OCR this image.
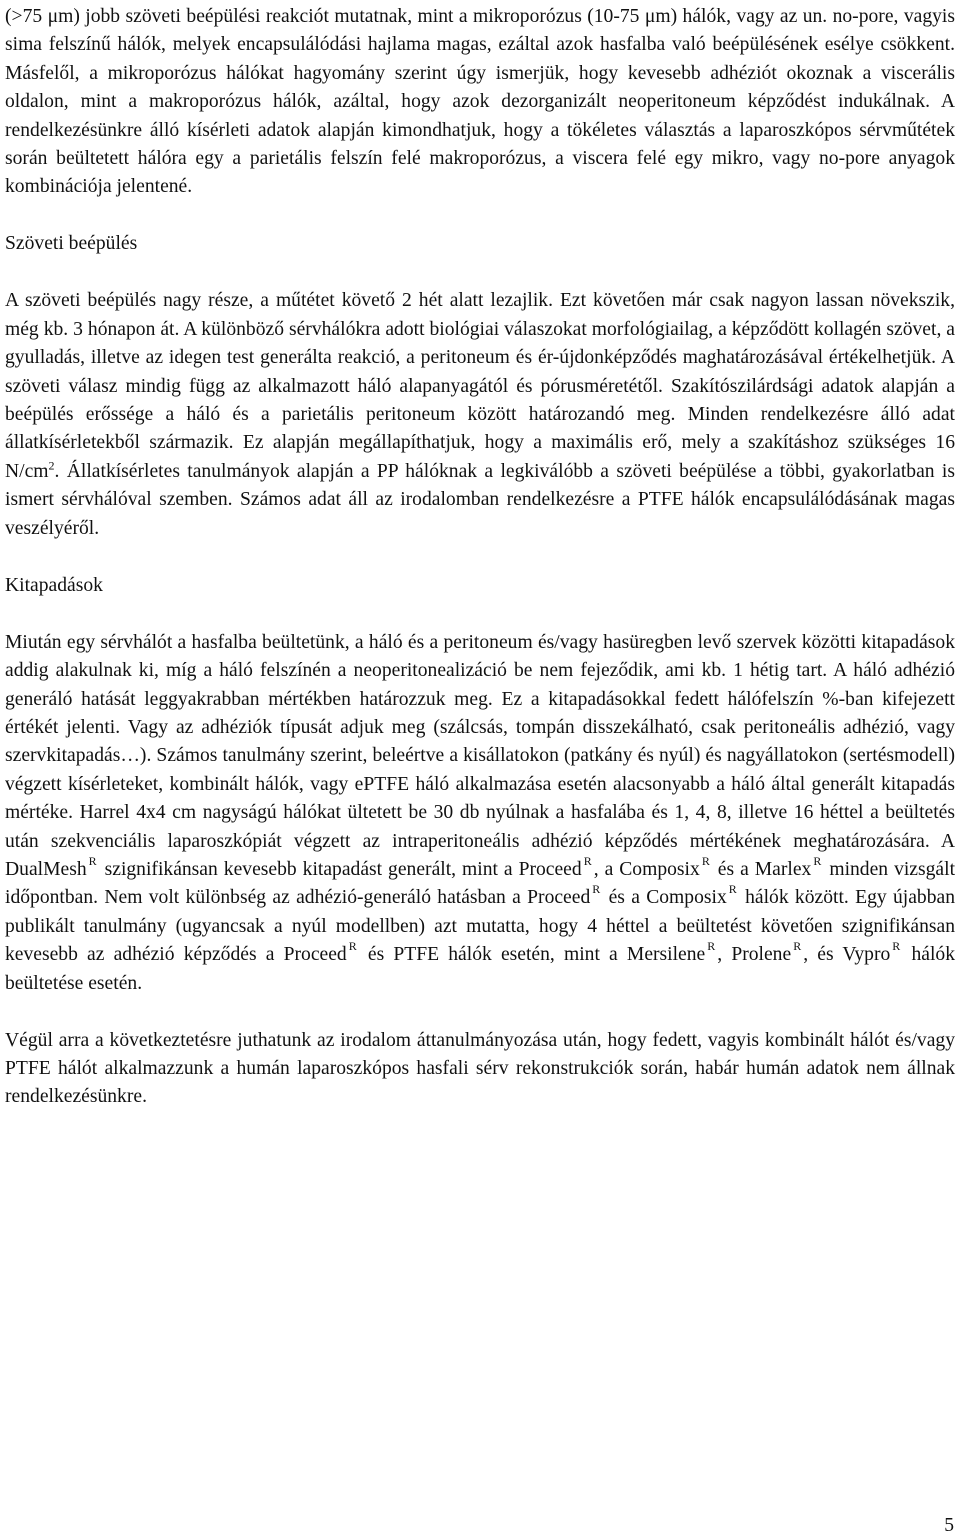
(>75 μm) jobb szöveti beépülési reakciót mutatnak, mint a mikroporózus (10-75 μm) hálók, vagy az un. no-pore, vagyis sima felszínű hálók, melyek encapsulálódási hajlama magas, ezáltal azok hasfalba való beépülésének esélye csökkent. Másfelől, a mikroporózus hálókat hagyomány szerint úgy ismerjük, hogy kevesebb adhéziót okoznak a viscerális oldalon, mint a makroporózus hálók, azáltal, hogy azok dezorganizált neoperitoneum képződést indukálnak. A rendelkezésünkre álló kísérleti adatok alapján kimondhatjuk, hogy a tökéletes választás a laparoszkópos sérvműtétek során beültetett hálóra egy a parietális felszín felé makroporózus, a viscera felé egy mikro, vagy no-pore anyagok kombinációja jelentené.

Szöveti beépülés

A szöveti beépülés nagy része, a műtétet követő 2 hét alatt lezajlik. Ezt követően már csak nagyon lassan növekszik, még kb. 3 hónapon át. A különböző sérvhálókra adott biológiai válaszokat morfológiailag, a képződött kollagén szövet, a gyulladás, illetve az idegen test generálta reakció, a peritoneum és ér-újdonképződés maghatározásával értékelhetjük. A szöveti válasz mindig függ az alkalmazott háló alapanyagától és pórusméretétől. Szakítószilárdsági adatok alapján a beépülés erőssége a háló és a parietális peritoneum között határozandó meg. Minden rendelkezésre álló adat állatkísérletekből származik. Ez alapján megállapíthatjuk, hogy a maximális erő, mely a szakításhoz szükséges 16 $N/cm^2$. Állatkísérletes tanulmányok alapján a PP hálóknak a legkiválóbb a szöveti beépülése a többi, gyakorlatban is ismert sérvhálóval szemben. Számos adat áll az irodalomban rendelkezésre a PTFE hálók encapsulálódásának magas veszélyéről.

Kitapadások

Miután egy sérvhálót a hasfalba beültetünk, a háló és a peritoneum és/vagy hasüregben levő szervek közötti kitapadások addig alakulnak ki, míg a háló felszínén a neoperitonealizáció be nem fejeződik, ami kb. 1 hétig tart. A háló adhézió generáló hatását leggyakrabban mértékben határozzuk meg. Ez a kitapadásokkal fedett hálófelszín %-ban kifejezett értékét jelenti. Vagy az adhéziók típusát adjuk meg (szálcsás, tompán disszekálható, csak peritoneális adhézió, vagy szervkitapadás…). Számos tanulmány szerint, beleértve a kisállatokon (patkány és nyúl) és nagyállatokon (sertésmodell) végzett kísérleteket, kombinált hálók, vagy ePTFE háló alkalmazása esetén alacsonyabb a háló által generált kitapadás mértéke. Harrel 4x4 cm nagyságú hálókat ültetett be 30 db nyúlnak a hasfalába és 1, 4, 8, illetve 16 héttel a beültetés után szekvenciális laparoszkópiát végzett az intraperitoneális adhézió képződés mértékének meghatározására. A DualMesh $^R$ szignifikánsan kevesebb kitapadást generált, mint a Proceed $^R$ , a Composix $^R$ és a Marlex $^R$ minden vizsgált időpontban. Nem volt különbség az adhézió-generáló hatásban a Proceed $^R$ és a Composix $^R$ hálók között. Egy újabban publikált tanulmány (ugyancsak a nyúl modellben) azt mutatta, hogy 4 héttel a beültetést követően szignifikánsan kevesebb az adhézió képződés a Proceed $^R$ és PTFE hálók esetén, mint a Mersilene $^R$ , Prolene $^R$ , és Vypro $^R$ hálók beültetése esetén.

Végül arra a következtetésre juthatunk az irodalom áttanulmányozása után, hogy fedett, vagyis kombinált hálót és/vagy PTFE hálót alkalmazzunk a humán laparoszkópos hasfali sérv rekonstrukciók során, habár humán adatok nem állnak rendelkezésünkre.

5
